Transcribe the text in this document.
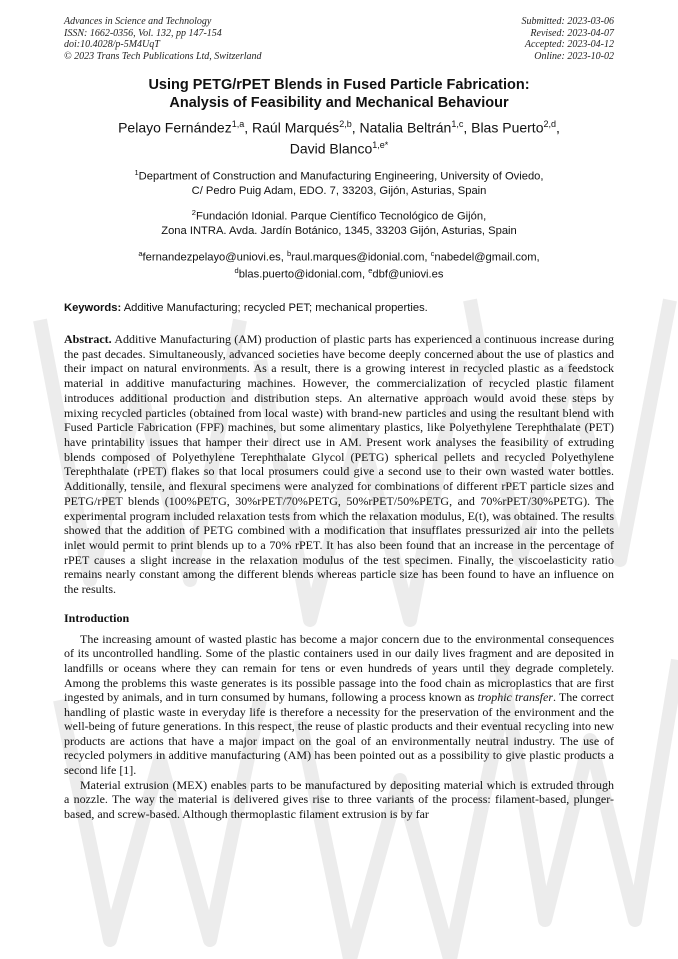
Advances in Science and Technology
ISSN: 1662-0356, Vol. 132, pp 147-154
doi:10.4028/p-5M4UqT
© 2023 Trans Tech Publications Ltd, Switzerland
Submitted: 2023-03-06
Revised: 2023-04-07
Accepted: 2023-04-12
Online: 2023-10-02
Using PETG/rPET Blends in Fused Particle Fabrication:
Analysis of Feasibility and Mechanical Behaviour
Pelayo Fernández$^{1,a}$, Raúl Marqués$^{2,b}$, Natalia Beltrán$^{1,c}$, Blas Puerto$^{2,d}$,
David Blanco$^{1,e*}$
$^1$Department of Construction and Manufacturing Engineering, University of Oviedo,
C/ Pedro Puig Adam, EDO. 7, 33203, Gijón, Asturias, Spain
$^2$Fundación Idonial. Parque Científico Tecnológico de Gijón,
Zona INTRA. Avda. Jardín Botánico, 1345, 33203 Gijón, Asturias, Spain
$^a$fernandezpelayo@uniovi.es, $^b$raul.marques@idonial.com, $^c$nabedel@gmail.com,
$^d$blas.puerto@idonial.com, $^e$dbf@uniovi.es
Keywords: Additive Manufacturing; recycled PET; mechanical properties.
Abstract. Additive Manufacturing (AM) production of plastic parts has experienced a continuous increase during the past decades. Simultaneously, advanced societies have become deeply concerned about the use of plastics and their impact on natural environments. As a result, there is a growing interest in recycled plastic as a feedstock material in additive manufacturing machines. However, the commercialization of recycled plastic filament introduces additional production and distribution steps. An alternative approach would avoid these steps by mixing recycled particles (obtained from local waste) with brand-new particles and using the resultant blend with Fused Particle Fabrication (FPF) machines, but some alimentary plastics, like Polyethylene Terephthalate (PET) have printability issues that hamper their direct use in AM. Present work analyses the feasibility of extruding blends composed of Polyethylene Terephthalate Glycol (PETG) spherical pellets and recycled Polyethylene Terephthalate (rPET) flakes so that local prosumers could give a second use to their own wasted water bottles. Additionally, tensile, and flexural specimens were analyzed for combinations of different rPET particle sizes and PETG/rPET blends (100%PETG, 30%rPET/70%PETG, 50%rPET/50%PETG, and 70%rPET/30%PETG). The experimental program included relaxation tests from which the relaxation modulus, E(t), was obtained. The results showed that the addition of PETG combined with a modification that insufflates pressurized air into the pellets inlet would permit to print blends up to a 70% rPET. It has also been found that an increase in the percentage of rPET causes a slight increase in the relaxation modulus of the test specimen. Finally, the viscoelasticity ratio remains nearly constant among the different blends whereas particle size has been found to have an influence on the results.
Introduction
The increasing amount of wasted plastic has become a major concern due to the environmental consequences of its uncontrolled handling. Some of the plastic containers used in our daily lives fragment and are deposited in landfills or oceans where they can remain for tens or even hundreds of years until they degrade completely. Among the problems this waste generates is its possible passage into the food chain as microplastics that are first ingested by animals, and in turn consumed by humans, following a process known as trophic transfer. The correct handling of plastic waste in everyday life is therefore a necessity for the preservation of the environment and the well-being of future generations. In this respect, the reuse of plastic products and their eventual recycling into new products are actions that have a major impact on the goal of an environmentally neutral industry. The use of recycled polymers in additive manufacturing (AM) has been pointed out as a possibility to give plastic products a second life [1].
Material extrusion (MEX) enables parts to be manufactured by depositing material which is extruded through a nozzle. The way the material is delivered gives rise to three variants of the process: filament-based, plunger-based, and screw-based. Although thermoplastic filament extrusion is by far
